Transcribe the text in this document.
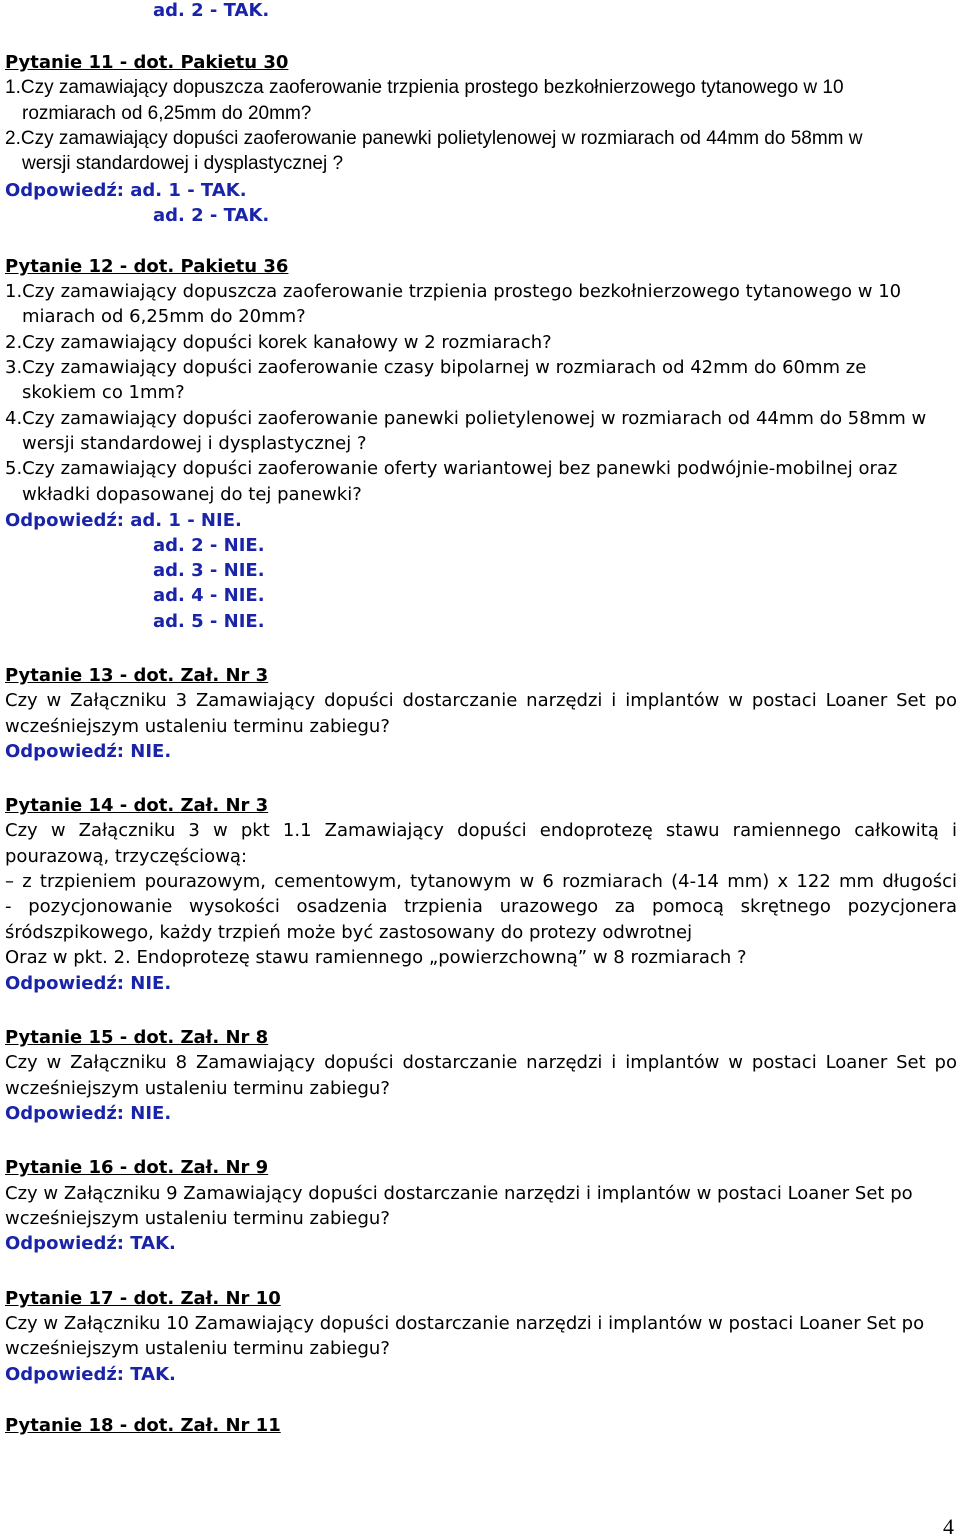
ad. 2 - TAK.
Pytanie 11 - dot. Pakietu 30
1.Czy zamawiający dopuszcza zaoferowanie trzpienia prostego bezkołnierzowego tytanowego w 10
rozmiarach od 6,25mm do 20mm?
2.Czy zamawiający dopuści zaoferowanie panewki polietylenowej w rozmiarach od 44mm do 58mm w
wersji standardowej i dysplastycznej ?
Odpowiedź: ad. 1 - TAK.
ad. 2 - TAK.
Pytanie 12 - dot. Pakietu 36
1.Czy zamawiający dopuszcza zaoferowanie trzpienia prostego bezkołnierzowego tytanowego w 10
miarach od 6,25mm do 20mm?
2.Czy zamawiający dopuści korek kanałowy w 2 rozmiarach?
3.Czy zamawiający dopuści zaoferowanie czasy bipolarnej w rozmiarach od 42mm do 60mm ze
skokiem co 1mm?
4.Czy zamawiający dopuści zaoferowanie panewki polietylenowej w rozmiarach od 44mm do 58mm w
wersji standardowej i dysplastycznej ?
5.Czy zamawiający dopuści zaoferowanie oferty wariantowej bez panewki podwójnie-mobilnej oraz
wkładki dopasowanej do tej panewki?
Odpowiedź: ad. 1 - NIE.
ad. 2 - NIE.
ad. 3 - NIE.
ad. 4 - NIE.
ad. 5 - NIE.
Pytanie 13 - dot. Zał. Nr 3
Czy w Załączniku 3 Zamawiający dopuści dostarczanie narzędzi i implantów w postaci Loaner Set po
wcześniejszym ustaleniu terminu zabiegu?
Odpowiedź: NIE.
Pytanie 14 - dot. Zał. Nr 3
Czy w Załączniku 3 w pkt 1.1 Zamawiający dopuści endoprotezę stawu ramiennego całkowitą i
pourazową, trzyczęściową:
– z trzpieniem pourazowym, cementowym, tytanowym w 6 rozmiarach (4-14 mm) x 122 mm długości
- pozycjonowanie wysokości osadzenia trzpienia urazowego za pomocą skrętnego pozycjonera
śródszpikowego, każdy trzpień może być zastosowany do protezy odwrotnej
Oraz w pkt. 2. Endoprotezę stawu ramiennego „powierzchowną” w 8 rozmiarach ?
Odpowiedź: NIE.
Pytanie 15 - dot. Zał. Nr 8
Czy w Załączniku 8 Zamawiający dopuści dostarczanie narzędzi i implantów w postaci Loaner Set po
wcześniejszym ustaleniu terminu zabiegu?
Odpowiedź: NIE.
Pytanie 16 - dot. Zał. Nr 9
Czy w Załączniku 9 Zamawiający dopuści dostarczanie narzędzi i implantów w postaci Loaner Set po
wcześniejszym ustaleniu terminu zabiegu?
Odpowiedź: TAK.
Pytanie 17 - dot. Zał. Nr 10
Czy w Załączniku 10 Zamawiający dopuści dostarczanie narzędzi i implantów w postaci Loaner Set po
wcześniejszym ustaleniu terminu zabiegu?
Odpowiedź: TAK.
Pytanie 18 - dot. Zał. Nr 11
4
